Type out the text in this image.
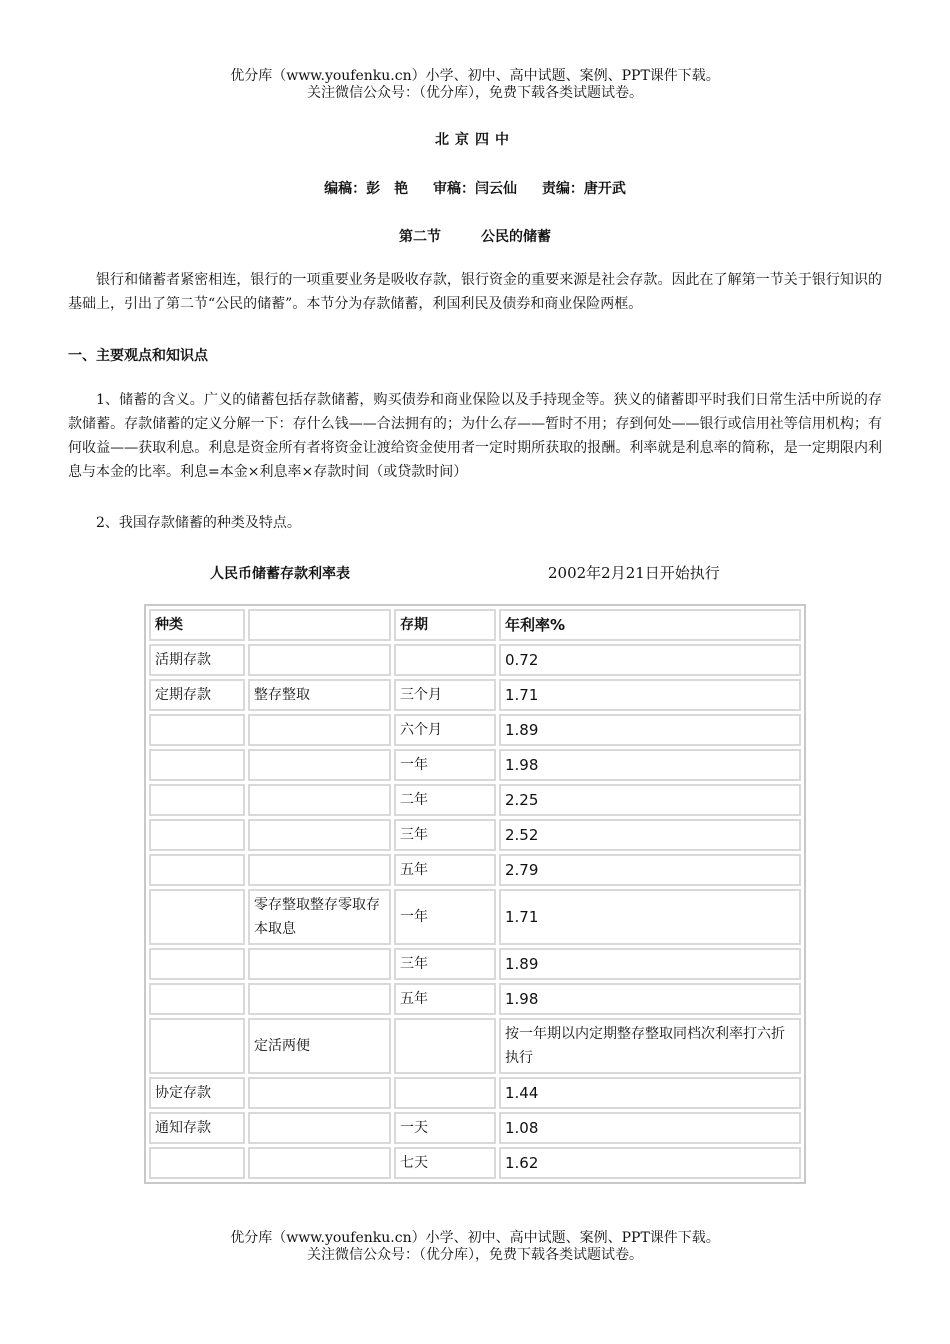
优分库（www.youfenku.cn）小学、初中、高中试题、案例、PPT课件下载。
关注微信公众号：（优分库），免费下载各类试题试卷。
北京四中
编稿：彭　艳 审稿：闫云仙 责编：唐开武
第二节	公民的储蓄
银行和储蓄者紧密相连，银行的一项重要业务是吸收存款，银行资金的重要来源是社会存款。因此在了解第一节关于银行知识的基础上，引出了第二节“公民的储蓄”。本节分为存款储蓄，利国利民及债券和商业保险两框。
一、主要观点和知识点
1、储蓄的含义。广义的储蓄包括存款储蓄，购买债券和商业保险以及手持现金等。狭义的储蓄即平时我们日常生活中所说的存款储蓄。存款储蓄的定义分解一下：存什么钱——合法拥有的；为什么存——暂时不用；存到何处——银行或信用社等信用机构；有何收益——获取利息。利息是资金所有者将资金让渡给资金使用者一定时期所获取的报酬。利率就是利息率的简称，是一定期限内利息与本金的比率。利息=本金×利息率×存款时间（或贷款时间）
2、我国存款储蓄的种类及特点。
人民币储蓄存款利率表	2002年2月21日开始执行
种类		存期	年利率%
活期存款			0.72
定期存款	整存整取	三个月	1.71
		六个月	1.89
		一年	1.98
		二年	2.25
		三年	2.52
		五年	2.79
	零存整取整存零取存本取息	一年	1.71
		三年	1.89
		五年	1.98
	定活两便		按一年期以内定期整存整取同档次利率打六折执行
协定存款			1.44
通知存款		一天	1.08
		七天	1.62
优分库（www.youfenku.cn）小学、初中、高中试题、案例、PPT课件下载。
关注微信公众号：（优分库），免费下载各类试题试卷。
